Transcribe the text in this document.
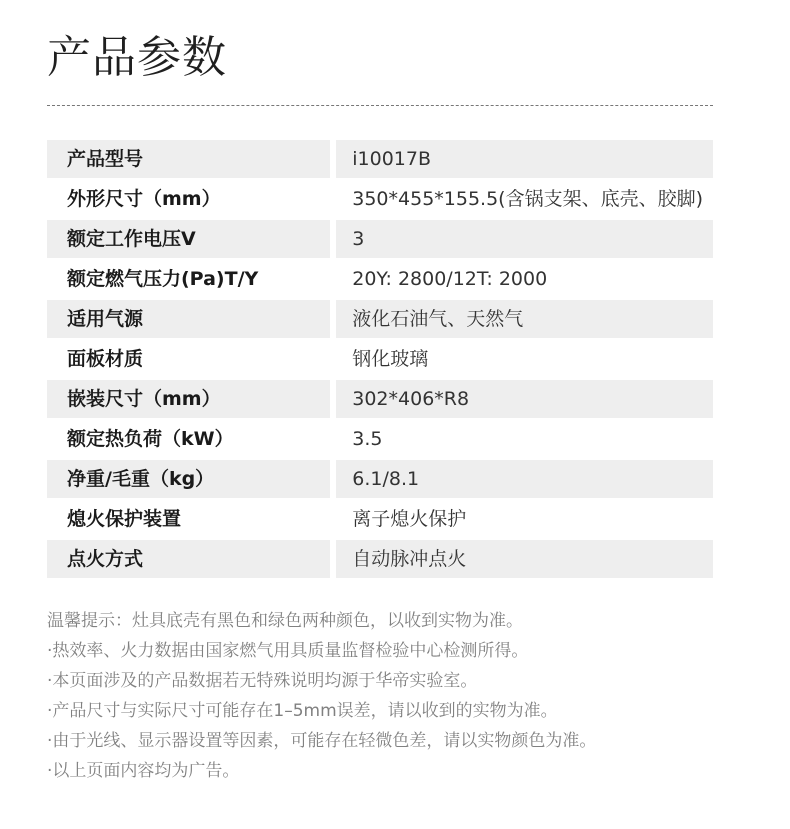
产品参数
产品型号	i10017B
外形尺寸（mm）	350*455*155.5(含锅支架、底壳、胶脚)
额定工作电压V	3
额定燃气压力(Pa)T/Y	20Y: 2800/12T: 2000
适用气源	液化石油气、天然气
面板材质	钢化玻璃
嵌装尺寸（mm）	302*406*R8
额定热负荷（kW）	3.5
净重/毛重（kg）	6.1/8.1
熄火保护装置	离子熄火保护
点火方式	自动脉冲点火
温馨提示：灶具底壳有黑色和绿色两种颜色，以收到实物为准。
·热效率、火力数据由国家燃气用具质量监督检验中心检测所得。
·本页面涉及的产品数据若无特殊说明均源于华帝实验室。
·产品尺寸与实际尺寸可能存在1–5mm误差，请以收到的实物为准。
·由于光线、显示器设置等因素，可能存在轻微色差，请以实物颜色为准。
·以上页面内容均为广告。
